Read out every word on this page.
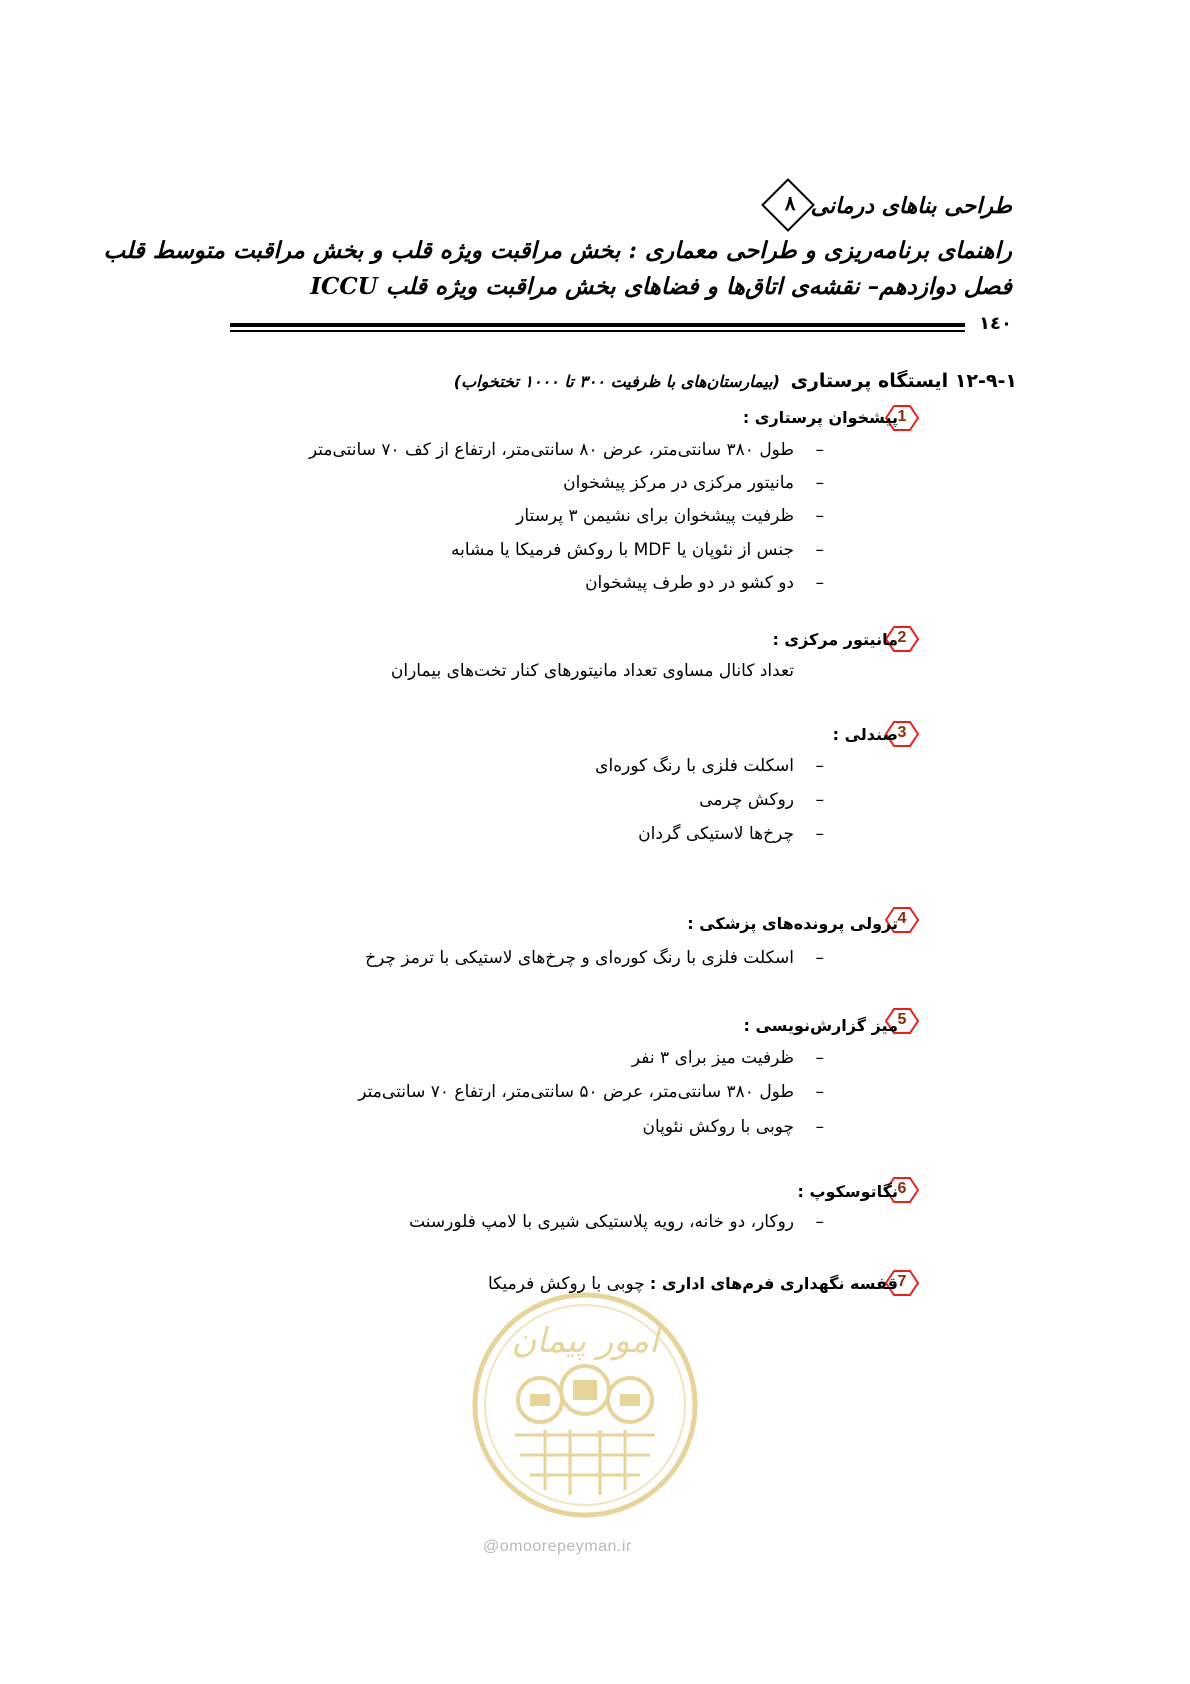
طراحی بناهای درمانی
۸
راهنمای برنامه‌ریزی و طراحی معماری : بخش مراقبت ویژه قلب و بخش مراقبت متوسط قلب
فصل دوازدهم– نقشه‌ی اتاق‌ها و فضاهای بخش مراقبت ویژه قلب ICCU
۱٤۰
۱۲-۹-۱ ایستگاه پرستاری (بیمارستان‌های با ظرفیت ۳۰۰ تا ۱۰۰۰ تختخواب)
1
پیشخوان پرستاری :
–
طول ۳۸۰ سانتی‌متر، عرض ۸۰ سانتی‌متر، ارتفاع از کف ۷۰ سانتی‌متر
–
مانیتور مرکزی در مرکز پیشخوان
–
ظرفیت پیشخوان برای نشیمن ۳ پرستار
–
جنس از نئوپان یا MDF با روکش فرمیکا یا مشابه
–
دو کشو در دو طرف پیشخوان
2
مانیتور مرکزی :
تعداد کانال مساوی تعداد مانیتورهای کنار تخت‌های بیماران
3
صندلی :
–
اسکلت فلزی با رنگ کوره‌ای
–
روکش چرمی
–
چرخ‌ها لاستیکی گردان
4
ترولی پرونده‌های پزشکی :
–
اسکلت فلزی با رنگ کوره‌ای و چرخ‌های لاستیکی با ترمز چرخ
5
میز گزارش‌نویسی :
–
ظرفیت میز برای ۳ نفر
–
طول ۳۸۰ سانتی‌متر، عرض ۵۰ سانتی‌متر، ارتفاع ۷۰ سانتی‌متر
–
چوبی با روکش نئوپان
6
نگاتوسکوپ :
–
روکار، دو خانه، رویه پلاستیکی شیری با لامپ فلورسنت
امور پیمان
@omoorepeyman.ir
7
قفسه نگهداری فرم‌های اداری : چوبی با روکش فرمیکا
